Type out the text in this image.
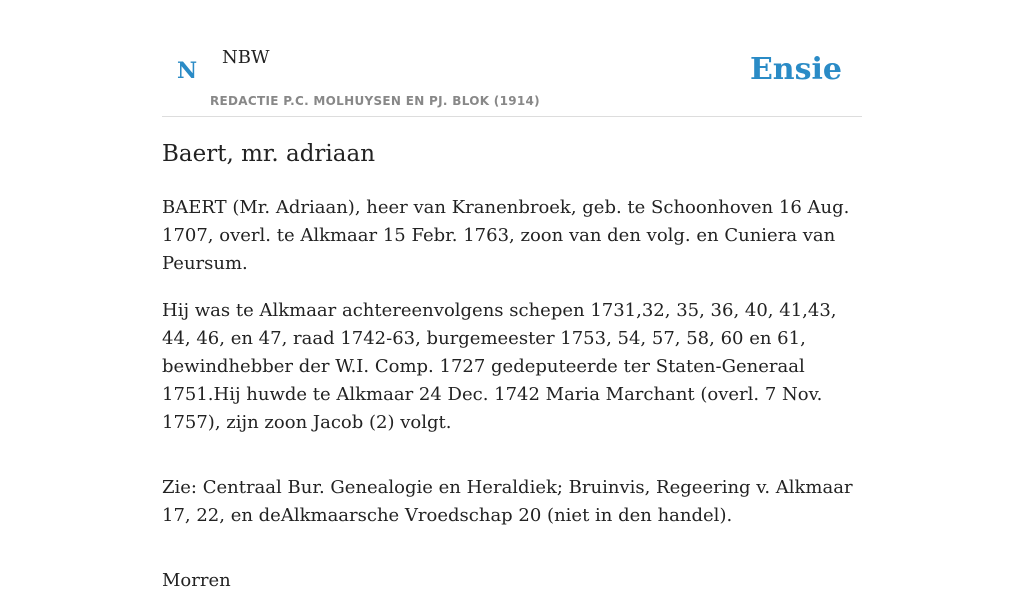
N
NBW
REDACTIE P.C. MOLHUYSEN EN PJ. BLOK (1914)
Ensie
Baert, mr. adriaan

BAERT (Mr. Adriaan), heer van Kranenbroek, geb. te Schoonhoven 16 Aug. 1707, overl. te Alkmaar 15 Febr. 1763, zoon van den volg. en Cuniera van Peursum.

Hij was te Alkmaar achtereenvolgens schepen 1731,32, 35, 36, 40, 41,43, 44, 46, en 47, raad 1742-63, burgemeester 1753, 54, 57, 58, 60 en 61, bewindhebber der W.I. Comp. 1727 gedeputeerde ter Staten-Generaal 1751.Hij huwde te Alkmaar 24 Dec. 1742 Maria Marchant (overl. 7 Nov. 1757), zijn zoon Jacob (2) volgt.

Zie: Centraal Bur. Genealogie en Heraldiek; Bruinvis, Regeering v. Alkmaar 17, 22, en deAlkmaarsche Vroedschap 20 (niet in den handel).

Morren
